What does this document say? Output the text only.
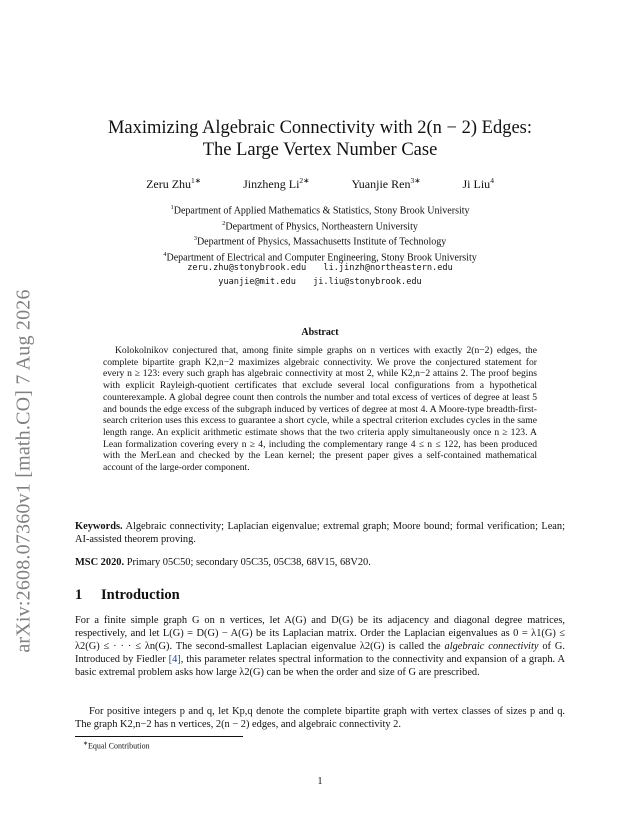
arXiv:2608.07360v1 [math.CO] 7 Aug 2026
Maximizing Algebraic Connectivity with 2(n − 2) Edges:
The Large Vertex Number Case
Zeru Zhu$^{1∗}$	Jinzheng $Li^{2∗}$	Yuanjie Ren$^{3∗}$	Ji Liu$^4$
$^1$Department of Applied Mathematics & Statistics, Stony Brook University
$^2$Department of Physics, Northeastern University
$^3$Department of Physics, Massachusetts Institute of Technology
$^4$Department of Electrical and Computer Engineering, Stony Brook University
zeru.zhu@stonybrook.edu li.jinzh@northeastern.edu
yuanjie@mit.edu ji.liu@stonybrook.edu
Abstract
Kolokolnikov conjectured that, among finite simple graphs on n vertices with exactly 2(n−2) edges, the complete bipartite graph K2,n−2 maximizes algebraic connectivity. We prove the conjectured statement for every n ≥ 123: every such graph has algebraic connectivity at most 2, while K2,n−2 attains 2. The proof begins with explicit Rayleigh-quotient certificates that exclude several local configurations from a hypothetical counterexample. A global degree count then controls the number and total excess of vertices of degree at least 5 and bounds the edge excess of the subgraph induced by vertices of degree at most 4. A Moore-type breadth-first-search criterion uses this excess to guarantee a short cycle, while a spectral criterion excludes cycles in the same length range. An explicit arithmetic estimate shows that the two criteria apply simultaneously once n ≥ 123. A Lean formalization covering every n ≥ 4, including the complementary range 4 ≤ n ≤ 122, has been produced with the MerLean and checked by the Lean kernel; the present paper gives a self-contained mathematical account of the large-order component.
Keywords. Algebraic connectivity; Laplacian eigenvalue; extremal graph; Moore bound; formal verification; Lean; AI-assisted theorem proving.
MSC 2020. Primary 05C50; secondary 05C35, 05C38, 68V15, 68V20.
1 Introduction
For a finite simple graph G on n vertices, let A(G) and D(G) be its adjacency and diagonal degree matrices, respectively, and let L(G) = D(G) − A(G) be its Laplacian matrix. Order the Laplacian eigenvalues as 0 = λ1(G) ≤ λ2(G) ≤ · · · ≤ λn(G). The second-smallest Laplacian eigenvalue λ2(G) is called the algebraic connectivity of G. Introduced by Fiedler [4], this parameter relates spectral information to the connectivity and expansion of a graph. A basic extremal problem asks how large λ2(G) can be when the order and size of G are prescribed.
For positive integers p and q, let Kp,q denote the complete bipartite graph with vertex classes of sizes p and q. The graph K2,n−2 has n vertices, 2(n − 2) edges, and algebraic connectivity 2.
∗Equal Contribution
1
